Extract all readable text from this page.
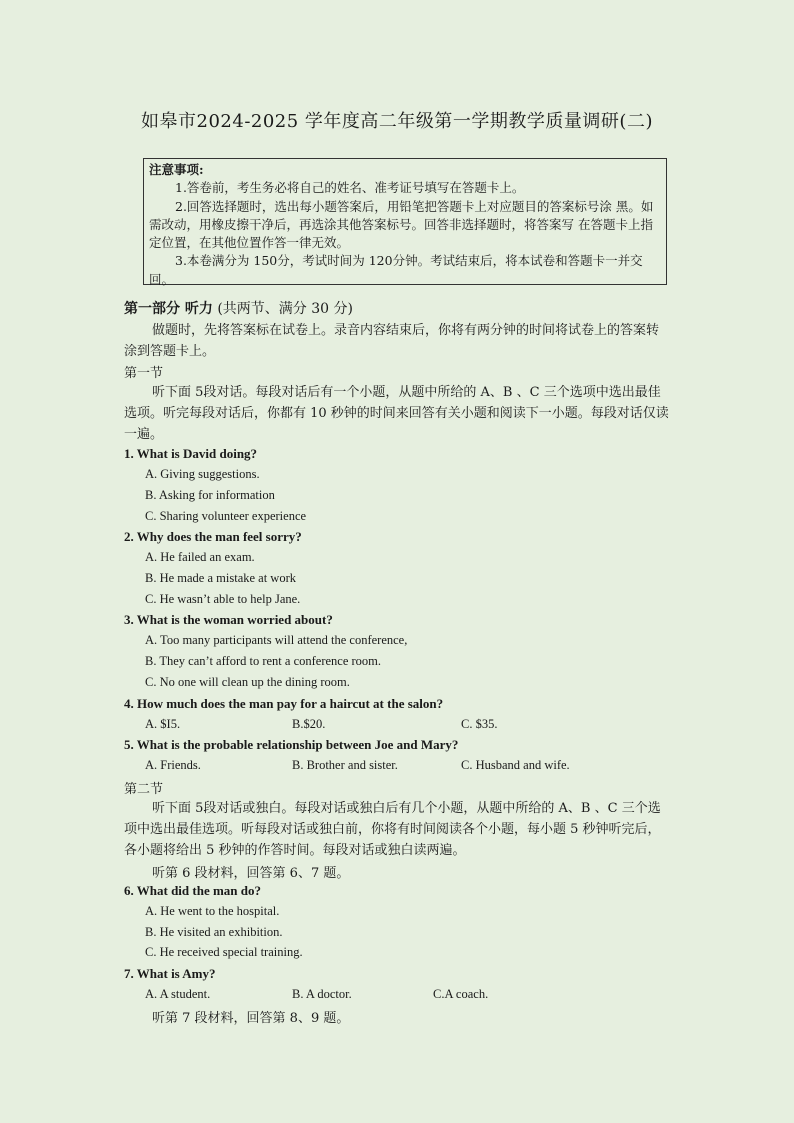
如皋市2024-2025 学年度高二年级第一学期教学质量调研(二)

注意事项:

1.答卷前，考生务必将自己的姓名、准考证号填写在答题卡上。

2.回答选择题时，选出每小题答案后，用铅笔把答题卡上对应题目的答案标号涂 黑。如需改动，用橡皮擦干净后，再选涂其他答案标号。回答非选择题时，将答案写 在答题卡上指定位置，在其他位置作答一律无效。

3.本卷满分为 150分，考试时间为 120分钟。考试结束后，将本试卷和答题卡一并交回。

第一部分 听力 (共两节、满分 30 分)
做题时，先将答案标在试卷上。录音内容结束后，你将有两分钟的时间将试卷上的答案转涂到答题卡上。
第一节
听下面 5段对话。每段对话后有一个小题，从题中所给的 A、B 、C 三个选项中选出最佳选项。听完每段对话后，你都有 10 秒钟的时间来回答有关小题和阅读下一小题。每段对话仅读一遍。
1. What is David doing?
A. Giving suggestions.
B. Asking for information
C. Sharing volunteer experience
2. Why does the man feel sorry?
A. He failed an exam.
B. He made a mistake at work
C. He wasn’t able to help Jane.
3. What is the woman worried about?
A. Too many participants will attend the conference,
B. They can’t afford to rent a conference room.
C. No one will clean up the dining room.
4. How much does the man pay for a haircut at the salon?
A. $I5.	B.$20.	C. $35.
5. What is the probable relationship between Joe and Mary?
A. Friends.	B. Brother and sister.	C. Husband and wife.
第二节
听下面 5段对话或独白。每段对话或独白后有几个小题，从题中所给的 A、B 、C 三个选项中选出最佳选项。听每段对话或独白前，你将有时间阅读各个小题，每小题 5 秒钟听完后，各小题将给出 5 秒钟的作答时间。每段对话或独白读两遍。
听第 6 段材料，回答第 6、7 题。
6. What did the man do?
A. He went to the hospital.
B. He visited an exhibition.
C. He received special training.
7. What is Amy?
A. A student.	B. A doctor.	C.A coach.
听第 7 段材料，回答第 8、9 题。
